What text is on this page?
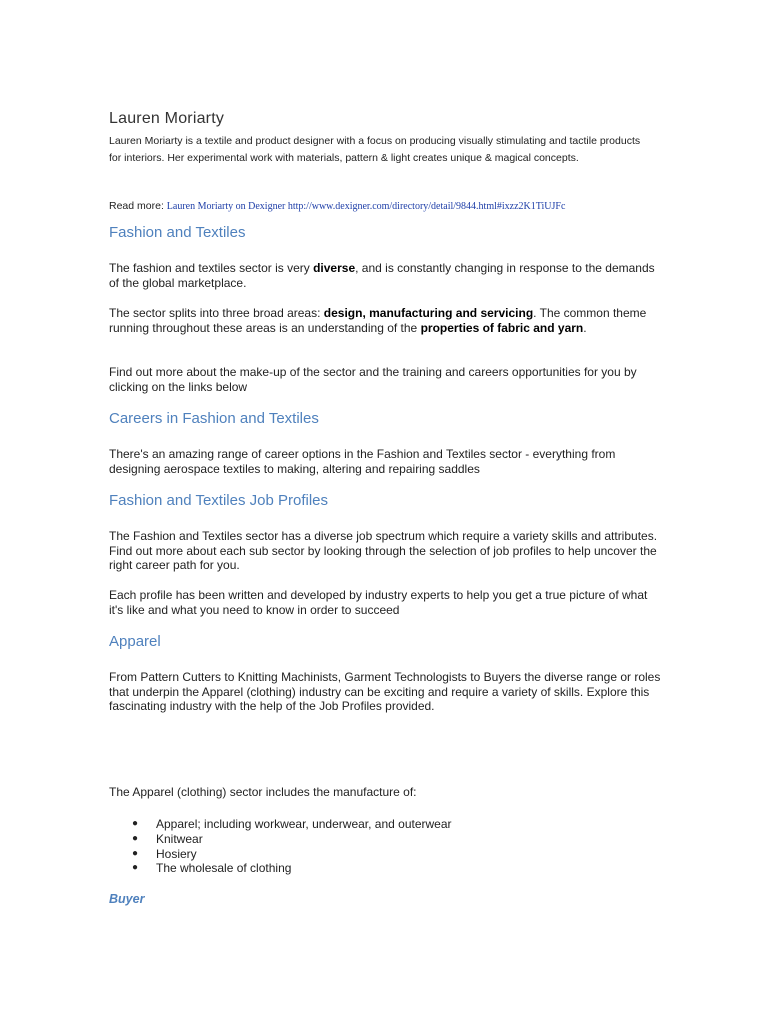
Lauren Moriarty

Lauren Moriarty is a textile and product designer with a focus on producing visually stimulating and tactile products for interiors. Her experimental work with materials, pattern & light creates unique & magical concepts.

Read more: Lauren Moriarty on Dexigner http://www.dexigner.com/directory/detail/9844.html#ixzz2K1TiUJFc

Fashion and Textiles

The fashion and textiles sector is very diverse, and is constantly changing in response to the demands of the global marketplace.

The sector splits into three broad areas: design, manufacturing and servicing. The common theme running throughout these areas is an understanding of the properties of fabric and yarn.

Find out more about the make-up of the sector and the training and careers opportunities for you by clicking on the links below

Careers in Fashion and Textiles

There's an amazing range of career options in the Fashion and Textiles sector - everything from designing aerospace textiles to making, altering and repairing saddles

Fashion and Textiles Job Profiles

The Fashion and Textiles sector has a diverse job spectrum which require a variety skills and attributes. Find out more about each sub sector by looking through the selection of job profiles to help uncover the right career path for you.

Each profile has been written and developed by industry experts to help you get a true picture of what it's like and what you need to know in order to succeed

Apparel

From Pattern Cutters to Knitting Machinists, Garment Technologists to Buyers the diverse range or roles that underpin the Apparel (clothing) industry can be exciting and require a variety of skills. Explore this fascinating industry with the help of the Job Profiles provided.

The Apparel (clothing) sector includes the manufacture of:

● Apparel; including workwear, underwear, and outerwear
● Knitwear
● Hosiery
● The wholesale of clothing
Buyer
